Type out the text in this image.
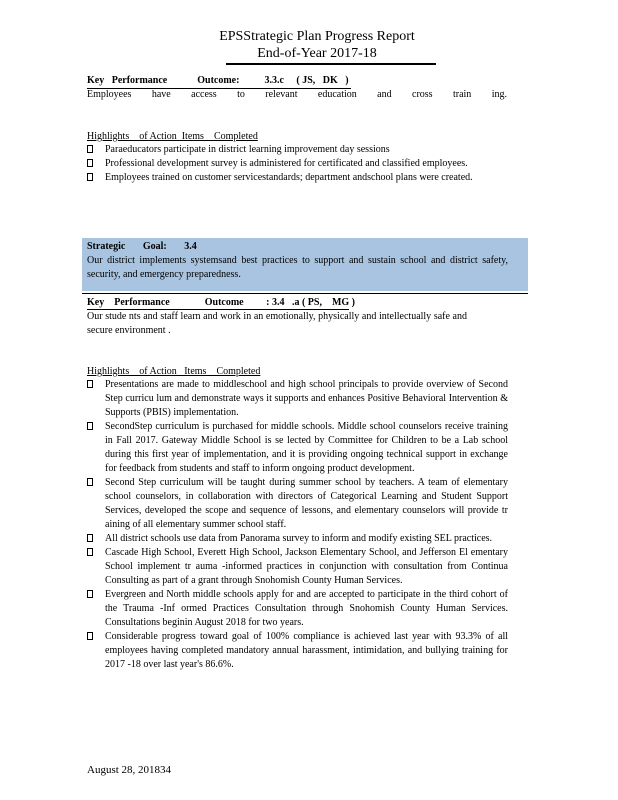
EPSStrategic Plan Progress Report
End-of-Year 2017-18
Key   Performance            Outcome:          3.3.c     ( JS,   DK   )
Employees have access to relevant education and cross train ing.
Highlights    of Action  Items    Completed
Paraeducators participate in district learning improvement day sessions
Professional development survey is administered for certificated and classified employees.
Employees trained on customer servicestandards; department andschool plans were created.
Strategic       Goal:       3.4
Our district implements systemsand best practices to support and sustain school and district safety, security, and emergency preparedness.
Key    Performance              Outcome         : 3.4   .a ( PS,    MG )
Our stude nts and staff learn and work in an emotionally, physically and intellectually safe and secure environment .
Highlights    of Action   Items    Completed
Presentations are made to middleschool and high school principals to provide overview of Second Step curricu lum and demonstrate ways it supports and enhances Positive Behavioral Intervention & Supports (PBIS) implementation.
SecondStep curriculum is purchased for middle schools. Middle school counselors receive training in Fall 2017. Gateway Middle School is se lected by Committee for Children to be a Lab school during this first year of implementation, and it is providing ongoing technical support in exchange for feedback from students and staff to inform ongoing product development.
Second Step curriculum will be taught during summer school by teachers. A team of elementary school counselors, in collaboration with directors of Categorical Learning and Student Support Services, developed the scope and sequence of lessons, and elementary counselors will provide tr aining of all elementary summer school staff.
All district schools use data from Panorama survey to inform and modify existing SEL practices.
Cascade High School, Everett High School, Jackson Elementary School, and Jefferson El ementary School implement tr auma -informed practices in conjunction with consultation from Continua Consulting as part of a grant through Snohomish County Human Services.
Evergreen and North middle schools apply for and are accepted to participate in the third cohort of the Trauma -Inf ormed Practices Consultation through Snohomish County Human Services. Consultations beginin August 2018 for two years.
Considerable progress toward goal of 100% compliance is achieved last year with 93.3% of all employees having completed mandatory annual harassment, intimidation, and bullying training for 2017 -18 over last year's 86.6%.
August 28, 201834
